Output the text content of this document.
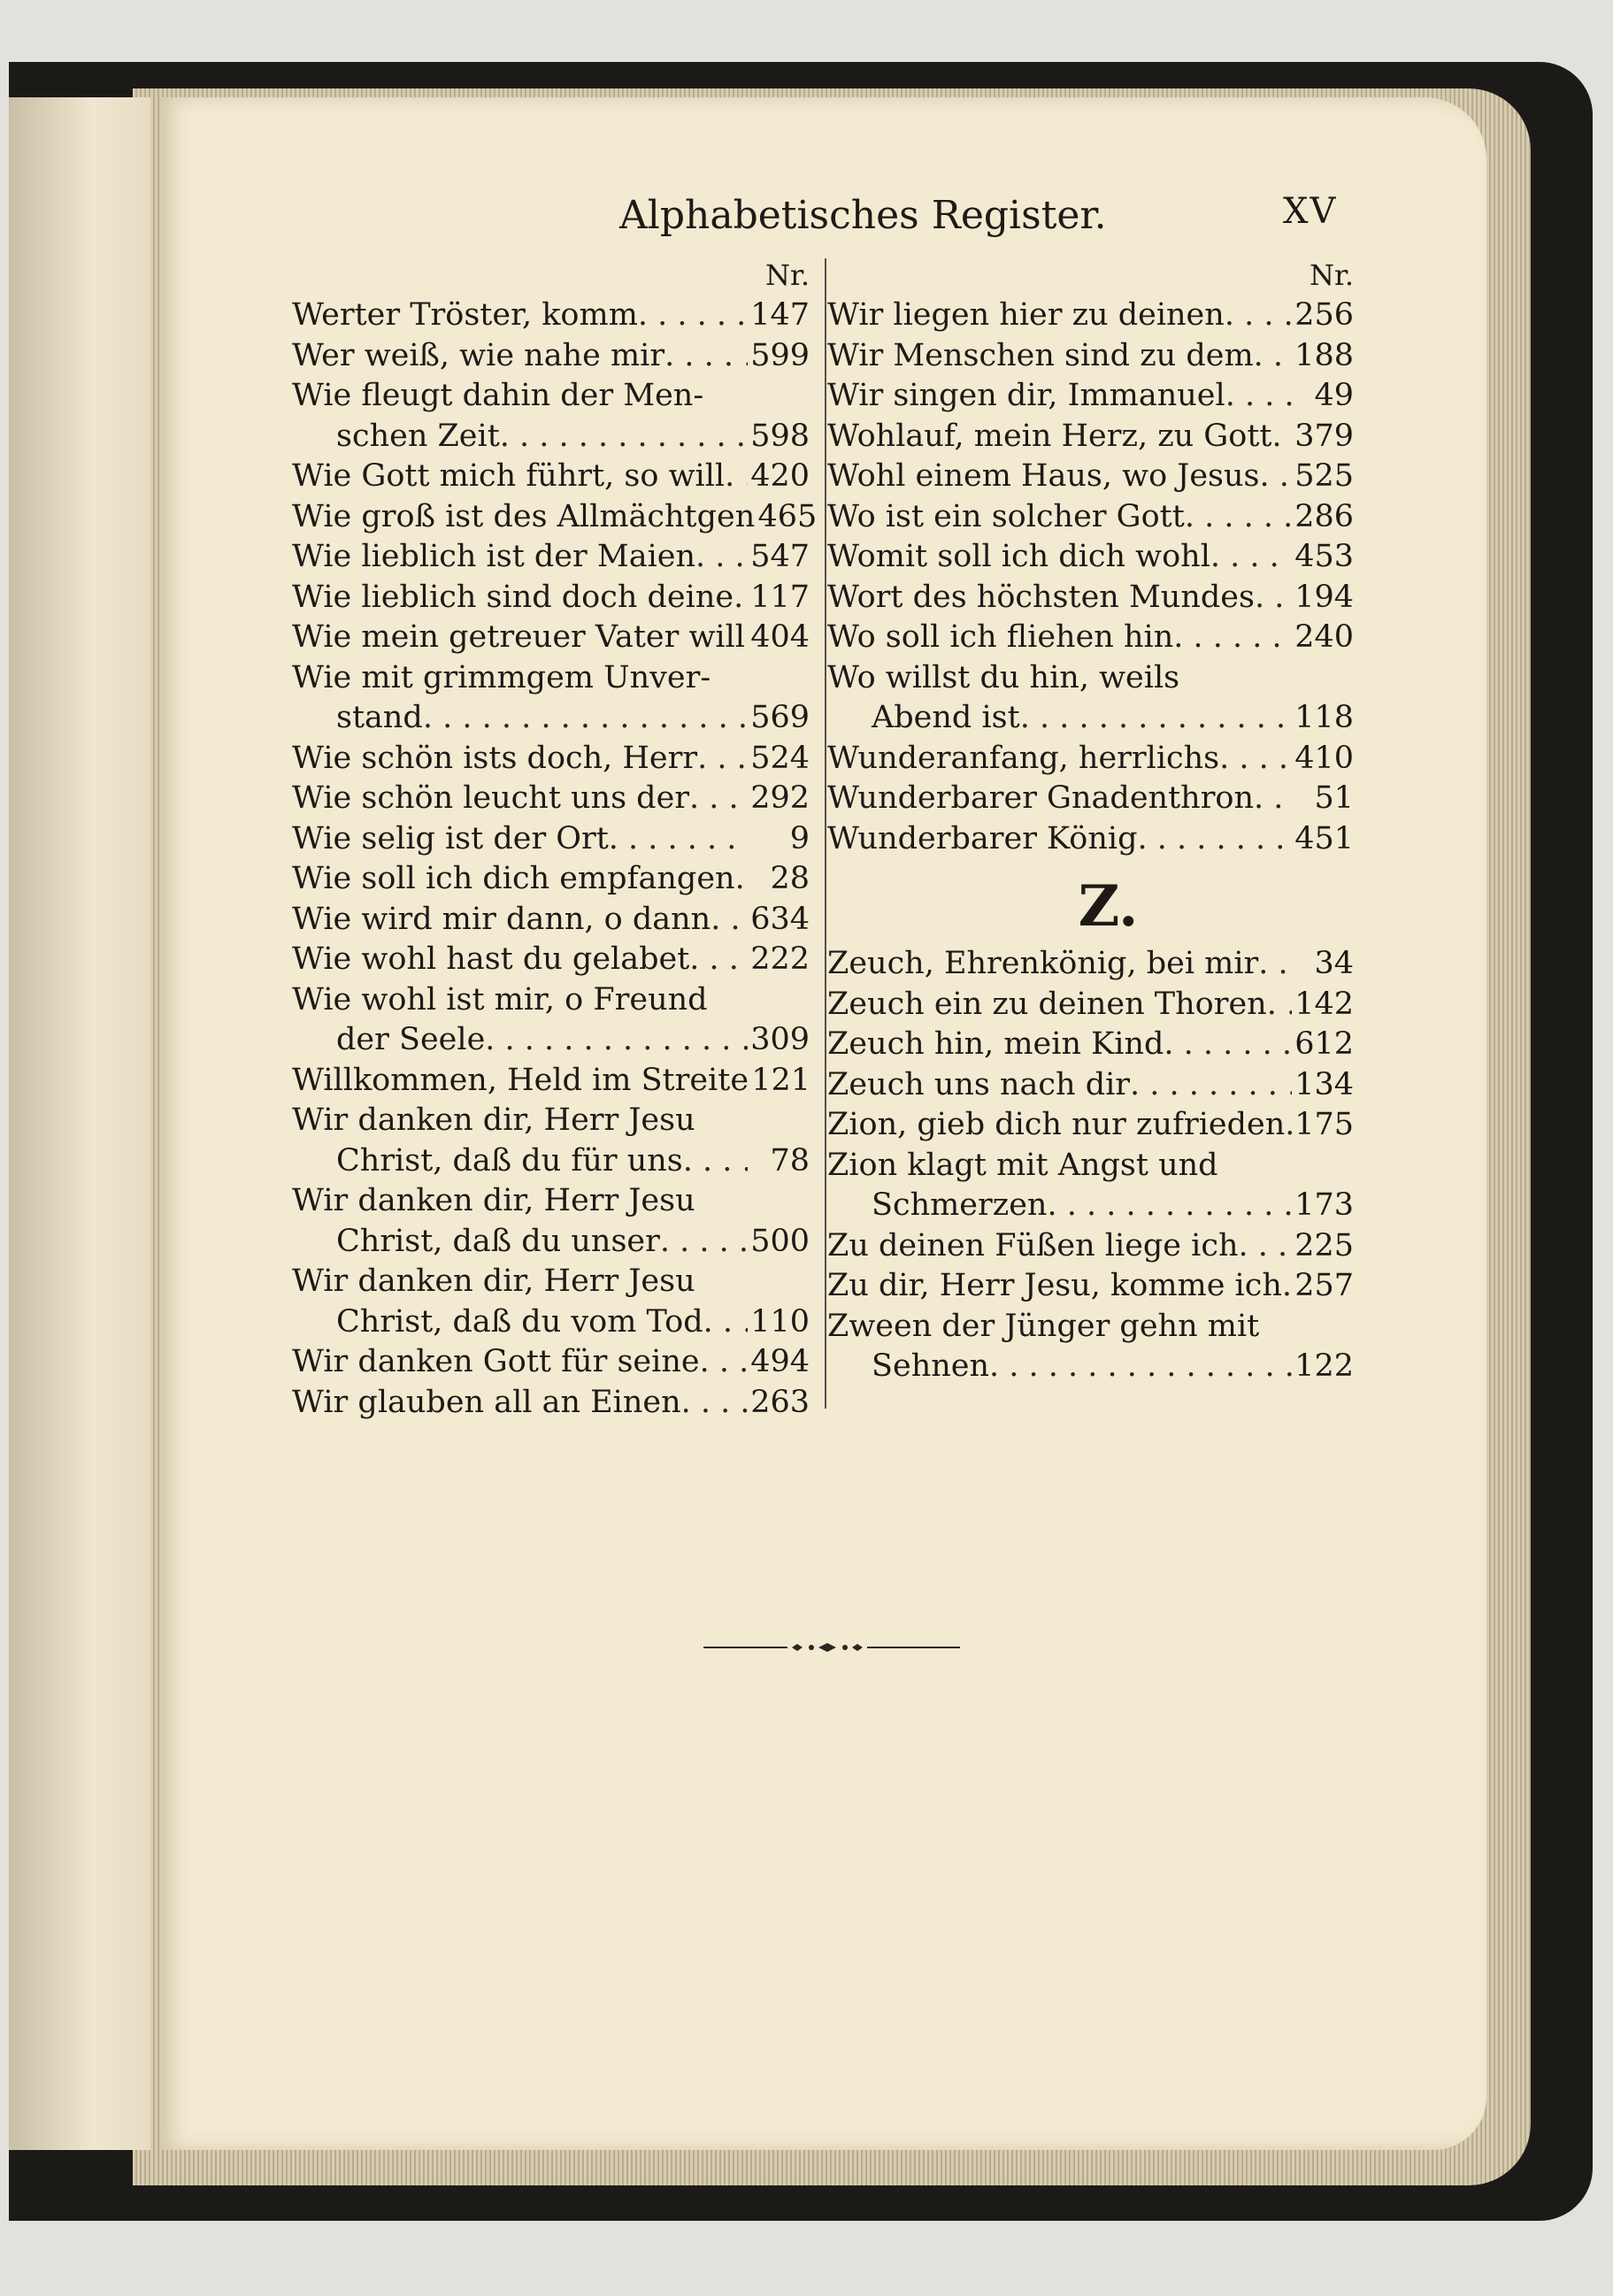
Alphabetisches Register.	XV
Nr.
Werter Tröster, komm . . .	147
Wer weiß, wie nahe mir . . .	599
Wie fleugt dahin der Men-
schen Zeit . . .	598
Wie Gott mich führt, so will . . . 420
Wie groß ist des Allmächtgen 465
Wie lieblich ist der Maien . . . 547
Wie lieblich sind doch deine . . . 117
Wie mein getreuer Vater will . . . 404
Wie mit grimmgem Unver-
stand . . .	569
Wie schön ists doch, Herr . . . 524
Wie schön leucht uns der . . . 292
Wie selig ist der Ort . . .	9
Wie soll ich dich empfangen . . .	28
Wie wird mir dann, o dann . . . 634
Wie wohl hast du gelabet . . . 222
Wie wohl ist mir, o Freund
der Seele . . .	309
Willkommen, Held im Streite 121
Wir danken dir, Herr Jesu
Christ, daß du für uns . . .	78
Wir danken dir, Herr Jesu
Christ, daß du unser . . .	500
Wir danken dir, Herr Jesu
Christ, daß du vom Tod . . . 110
Wir danken Gott für seine . . . 494
Wir glauben all an Einen . . . 263
Nr.
Wir liegen hier zu deinen . . . 256
Wir Menschen sind zu dem . . . 188
Wir singen dir, Immanuel . . .	49
Wohlauf, mein Herz, zu Gott . . . 379
Wohl einem Haus, wo Jesus . . . 525
Wo ist ein solcher Gott . . .	286
Womit soll ich dich wohl . . .	453
Wort des höchsten Mundes . . . 194
Wo soll ich fliehen hin . . .	240
Wo willst du hin, weils
Abend ist . . .	118
Wunderanfang, herrlichs . . . 410
Wunderbarer Gnadenthron . . .	51
Wunderbarer König . . .	451
Z.
Zeuch, Ehrenkönig, bei mir . . .	34
Zeuch ein zu deinen Thoren . . . 142
Zeuch hin, mein Kind . . .	612
Zeuch uns nach dir . . .	134
Zion, gieb dich nur zufrieden . . . 175
Zion klagt mit Angst und
Schmerzen . . .	173
Zu deinen Füßen liege ich . . . 225
Zu dir, Herr Jesu, komme ich . . . 257
Zween der Jünger gehn mit
Sehnen . . .	122
